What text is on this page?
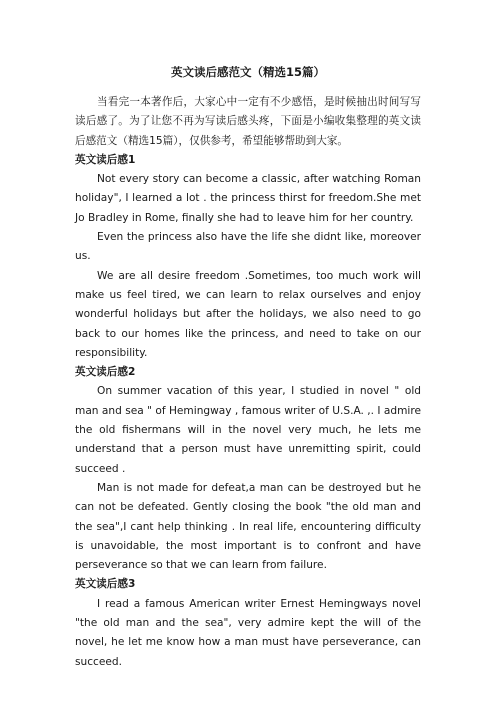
英文读后感范文（精选15篇）

当看完一本著作后，大家心中一定有不少感悟，是时候抽出时间写写读后感了。为了让您不再为写读后感头疼，下面是小编收集整理的英文读后感范文（精选15篇），仅供参考，希望能够帮助到大家。

英文读后感1

Not every story can become a classic, after watching Roman holiday", I learned a lot . the princess thirst for freedom.She met Jo Bradley in Rome, finally she had to leave him for her country.

Even the princess also have the life she didnt like, moreover us.

We are all desire freedom .Sometimes, too much work will make us feel tired, we can learn to relax ourselves and enjoy wonderful holidays but after the holidays, we also need to go back to our homes like the princess, and need to take on our responsibility.

英文读后感2

On summer vacation of this year, I studied in novel " old man and sea " of Hemingway , famous writer of U.S.A. ,. I admire the old fishermans will in the novel very much, he lets me understand that a person must have unremitting spirit, could succeed .

Man is not made for defeat,a man can be destroyed but he can not be defeated. Gently closing the book "the old man and the sea",I cant help thinking . In real life, encountering difficulty is unavoidable, the most important is to confront and have perseverance so that we can learn from failure.

英文读后感3

I read a famous American writer Ernest Hemingways novel "the old man and the sea", very admire kept the will of the novel, he let me know how a man must have perseverance, can succeed.
